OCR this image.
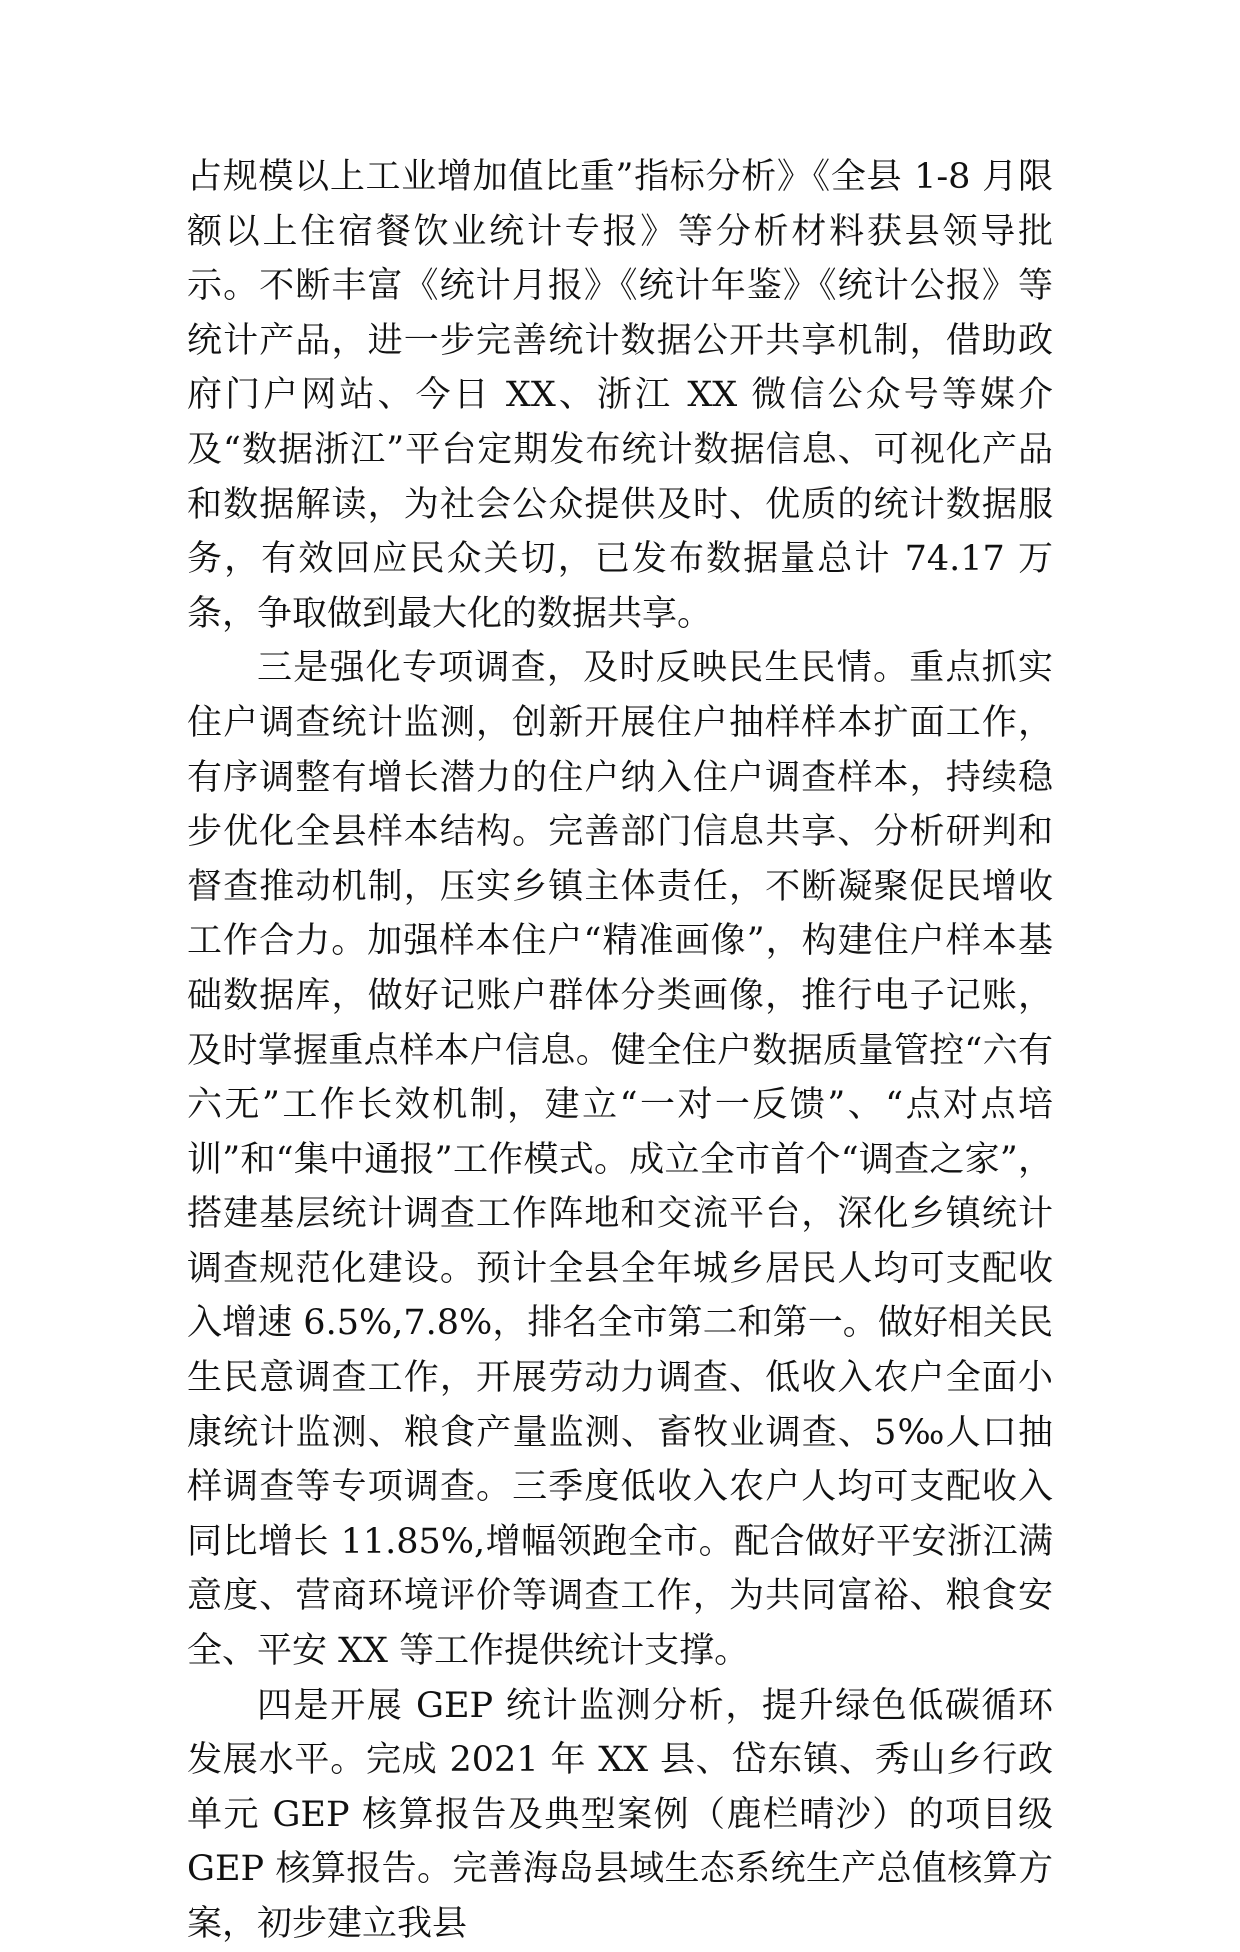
占规模以上工业增加值比重”指标分析》《全县 1-8 月限额以上住宿餐饮业统计专报》等分析材料获县领导批示。不断丰富《统计月报》《统计年鉴》《统计公报》等统计产品，进一步完善统计数据公开共享机制，借助政府门户网站、今日 XX、浙江 XX 微信公众号等媒介及“数据浙江”平台定期发布统计数据信息、可视化产品和数据解读，为社会公众提供及时、优质的统计数据服务，有效回应民众关切，已发布数据量总计 74.17 万条，争取做到最大化的数据共享。

三是强化专项调查，及时反映民生民情。重点抓实住户调查统计监测，创新开展住户抽样样本扩面工作，有序调整有增长潜力的住户纳入住户调查样本，持续稳步优化全县样本结构。完善部门信息共享、分析研判和督查推动机制，压实乡镇主体责任，不断凝聚促民增收工作合力。加强样本住户“精准画像”，构建住户样本基础数据库，做好记账户群体分类画像，推行电子记账，及时掌握重点样本户信息。健全住户数据质量管控“六有六无”工作长效机制，建立“一对一反馈”、“点对点培训”和“集中通报”工作模式。成立全市首个“调查之家”，搭建基层统计调查工作阵地和交流平台，深化乡镇统计调查规范化建设。预计全县全年城乡居民人均可支配收入增速 6.5%,7.8%，排名全市第二和第一。做好相关民生民意调查工作，开展劳动力调查、低收入农户全面小康统计监测、粮食产量监测、畜牧业调查、5‰人口抽样调查等专项调查。三季度低收入农户人均可支配收入同比增长 11.85%,增幅领跑全市。配合做好平安浙江满意度、营商环境评价等调查工作，为共同富裕、粮食安全、平安 XX 等工作提供统计支撑。

四是开展 GEP 统计监测分析，提升绿色低碳循环发展水平。完成 2021 年 XX 县、岱东镇、秀山乡行政单元 GEP 核算报告及典型案例（鹿栏晴沙）的项目级 GEP 核算报告。完善海岛县域生态系统生产总值核算方案，初步建立我县
